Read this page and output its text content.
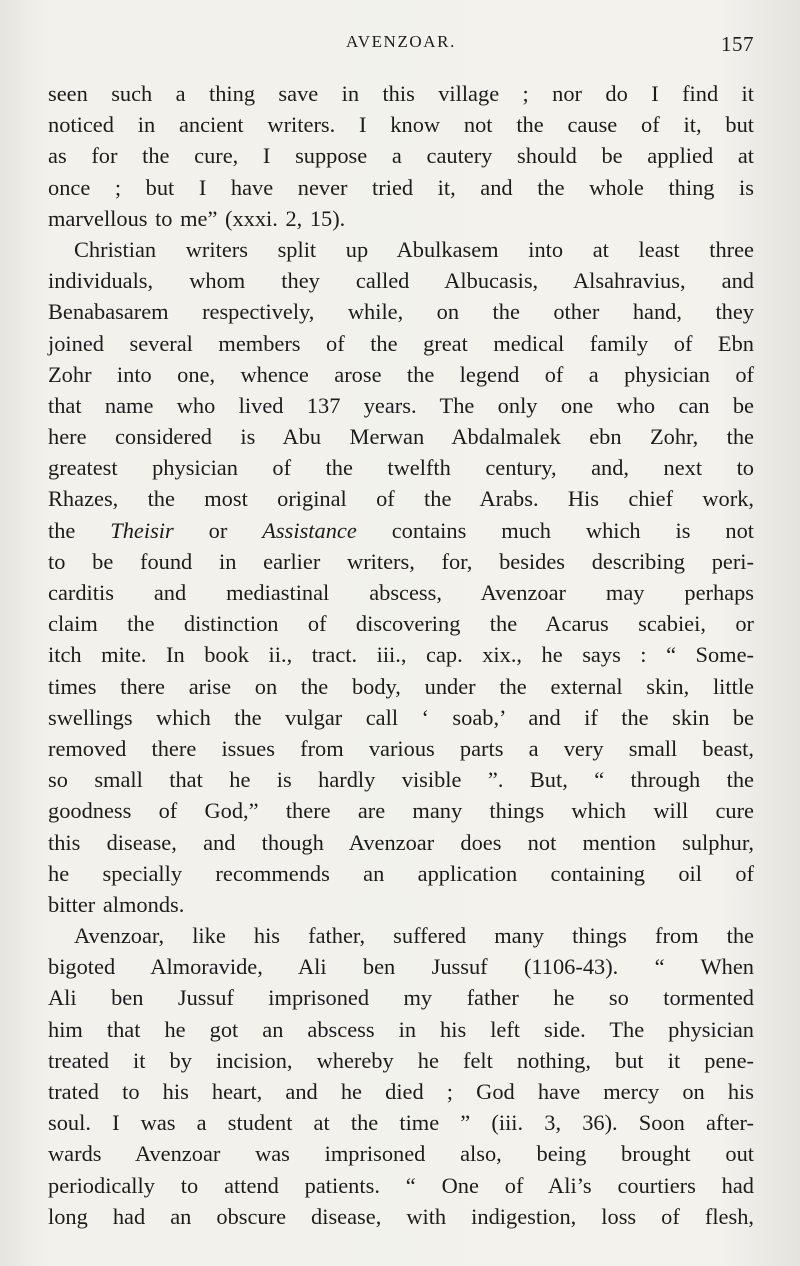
AVENZOAR.	157
seen such a thing save in this village ; nor do I find it
noticed in ancient writers. I know not the cause of it, but
as for the cure, I suppose a cautery should be applied at
once ; but I have never tried it, and the whole thing is
marvellous to me” (xxxi. 2, 15).
Christian writers split up Abulkasem into at least three
individuals, whom they called Albucasis, Alsahravius, and
Benabasarem respectively, while, on the other hand, they
joined several members of the great medical family of Ebn
Zohr into one, whence arose the legend of a physician of
that name who lived 137 years. The only one who can be
here considered is Abu Merwan Abdalmalek ebn Zohr, the
greatest physician of the twelfth century, and, next to
Rhazes, the most original of the Arabs. His chief work,
the Theisir or Assistance contains much which is not
to be found in earlier writers, for, besides describing peri-
carditis and mediastinal abscess, Avenzoar may perhaps
claim the distinction of discovering the Acarus scabiei, or
itch mite. In book ii., tract. iii., cap. xix., he says : “ Some-
times there arise on the body, under the external skin, little
swellings which the vulgar call ‘ soab,’ and if the skin be
removed there issues from various parts a very small beast,
so small that he is hardly visible ”. But, “ through the
goodness of God,” there are many things which will cure
this disease, and though Avenzoar does not mention sulphur,
he specially recommends an application containing oil of
bitter almonds.
Avenzoar, like his father, suffered many things from the
bigoted Almoravide, Ali ben Jussuf (1106-43). “ When
Ali ben Jussuf imprisoned my father he so tormented
him that he got an abscess in his left side. The physician
treated it by incision, whereby he felt nothing, but it pene-
trated to his heart, and he died ; God have mercy on his
soul. I was a student at the time ” (iii. 3, 36). Soon after-
wards Avenzoar was imprisoned also, being brought out
periodically to attend patients. “ One of Ali’s courtiers had
long had an obscure disease, with indigestion, loss of flesh,
